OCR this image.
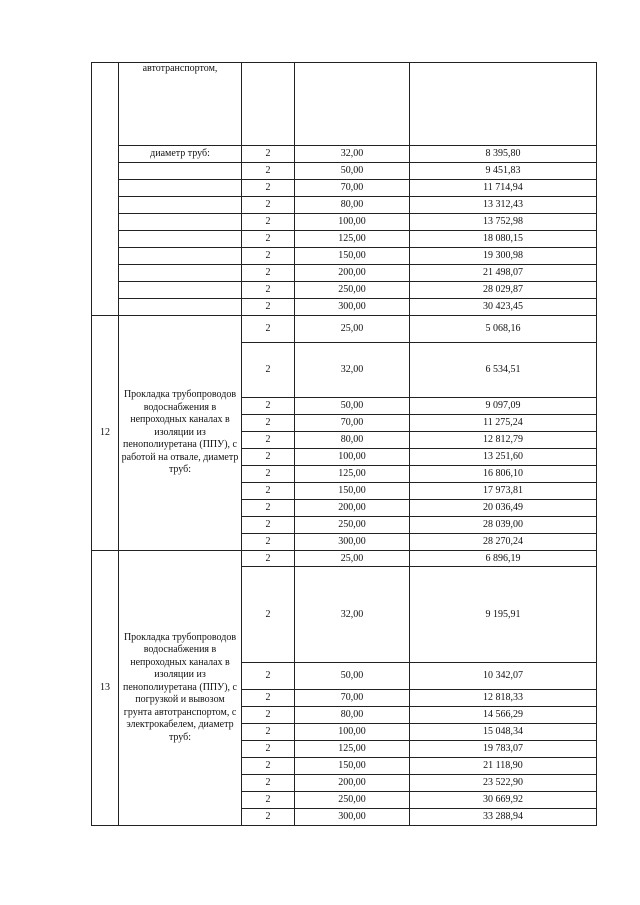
	автотранспортом,			
	диаметр труб:	2	32,00	8 395,80
		2	50,00	9 451,83
		2	70,00	11 714,94
		2	80,00	13 312,43
		2	100,00	13 752,98
		2	125,00	18 080,15
		2	150,00	19 300,98
		2	200,00	21 498,07
		2	250,00	28 029,87
		2	300,00	30 423,45
12	Прокладка трубопроводов водоснабжения в непроходных каналах в изоляции из пенополиуретана (ППУ), с работой на отвале, диаметр труб:	2	25,00	5 068,16
		2	32,00	6 534,51
		2	50,00	9 097,09
		2	70,00	11 275,24
		2	80,00	12 812,79
		2	100,00	13 251,60
		2	125,00	16 806,10
		2	150,00	17 973,81
		2	200,00	20 036,49
		2	250,00	28 039,00
		2	300,00	28 270,24
13	Прокладка трубопроводов водоснабжения в непроходных каналах в изоляции из пенополиуретана (ППУ), с погрузкой и вывозом грунта автотранспортом, с электрокабелем, диаметр труб:	2	25,00	6 896,19
		2	32,00	9 195,91
		2	50,00	10 342,07
		2	70,00	12 818,33
		2	80,00	14 566,29
		2	100,00	15 048,34
		2	125,00	19 783,07
		2	150,00	21 118,90
		2	200,00	23 522,90
		2	250,00	30 669,92
		2	300,00	33 288,94
